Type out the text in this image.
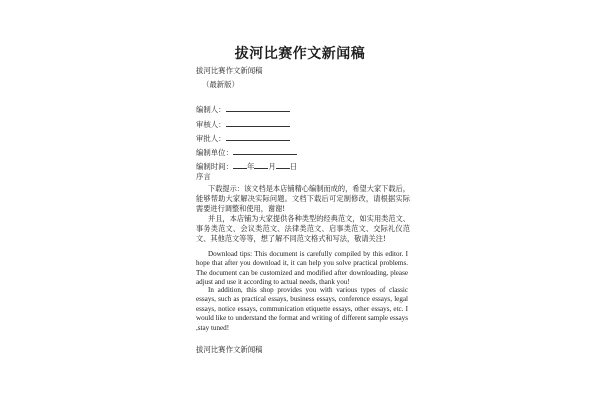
拔河比赛作文新闻稿
拔河比赛作文新闻稿
（最新版）
编制人：
审核人：
审批人：
编制单位：
编制时间： 年 月 日
序言
下载提示：该文档是本店铺精心编制而成的，希望大家下载后，能够帮助大家解决实际问题。文档下载后可定制修改，请根据实际需要进行调整和使用，谢谢!
并且，本店铺为大家提供各种类型的经典范文，如实用类范文、事务类范文、会议类范文、法律类范文、启事类范文、交际礼仪范文、其他范文等等，想了解不同范文格式和写法，敬请关注!
Download tips: This document is carefully compiled by this editor. I hope that after you download it, it can help you solve practical problems. The document can be customized and modified after downloading, please adjust and use it according to actual needs, thank you!
In addition, this shop provides you with various types of classic essays, such as practical essays, business essays, conference essays, legal essays, notice essays, communication etiquette essays, other essays, etc. I would like to understand the format and writing of different sample essays ,stay tuned!
拔河比赛作文新闻稿
